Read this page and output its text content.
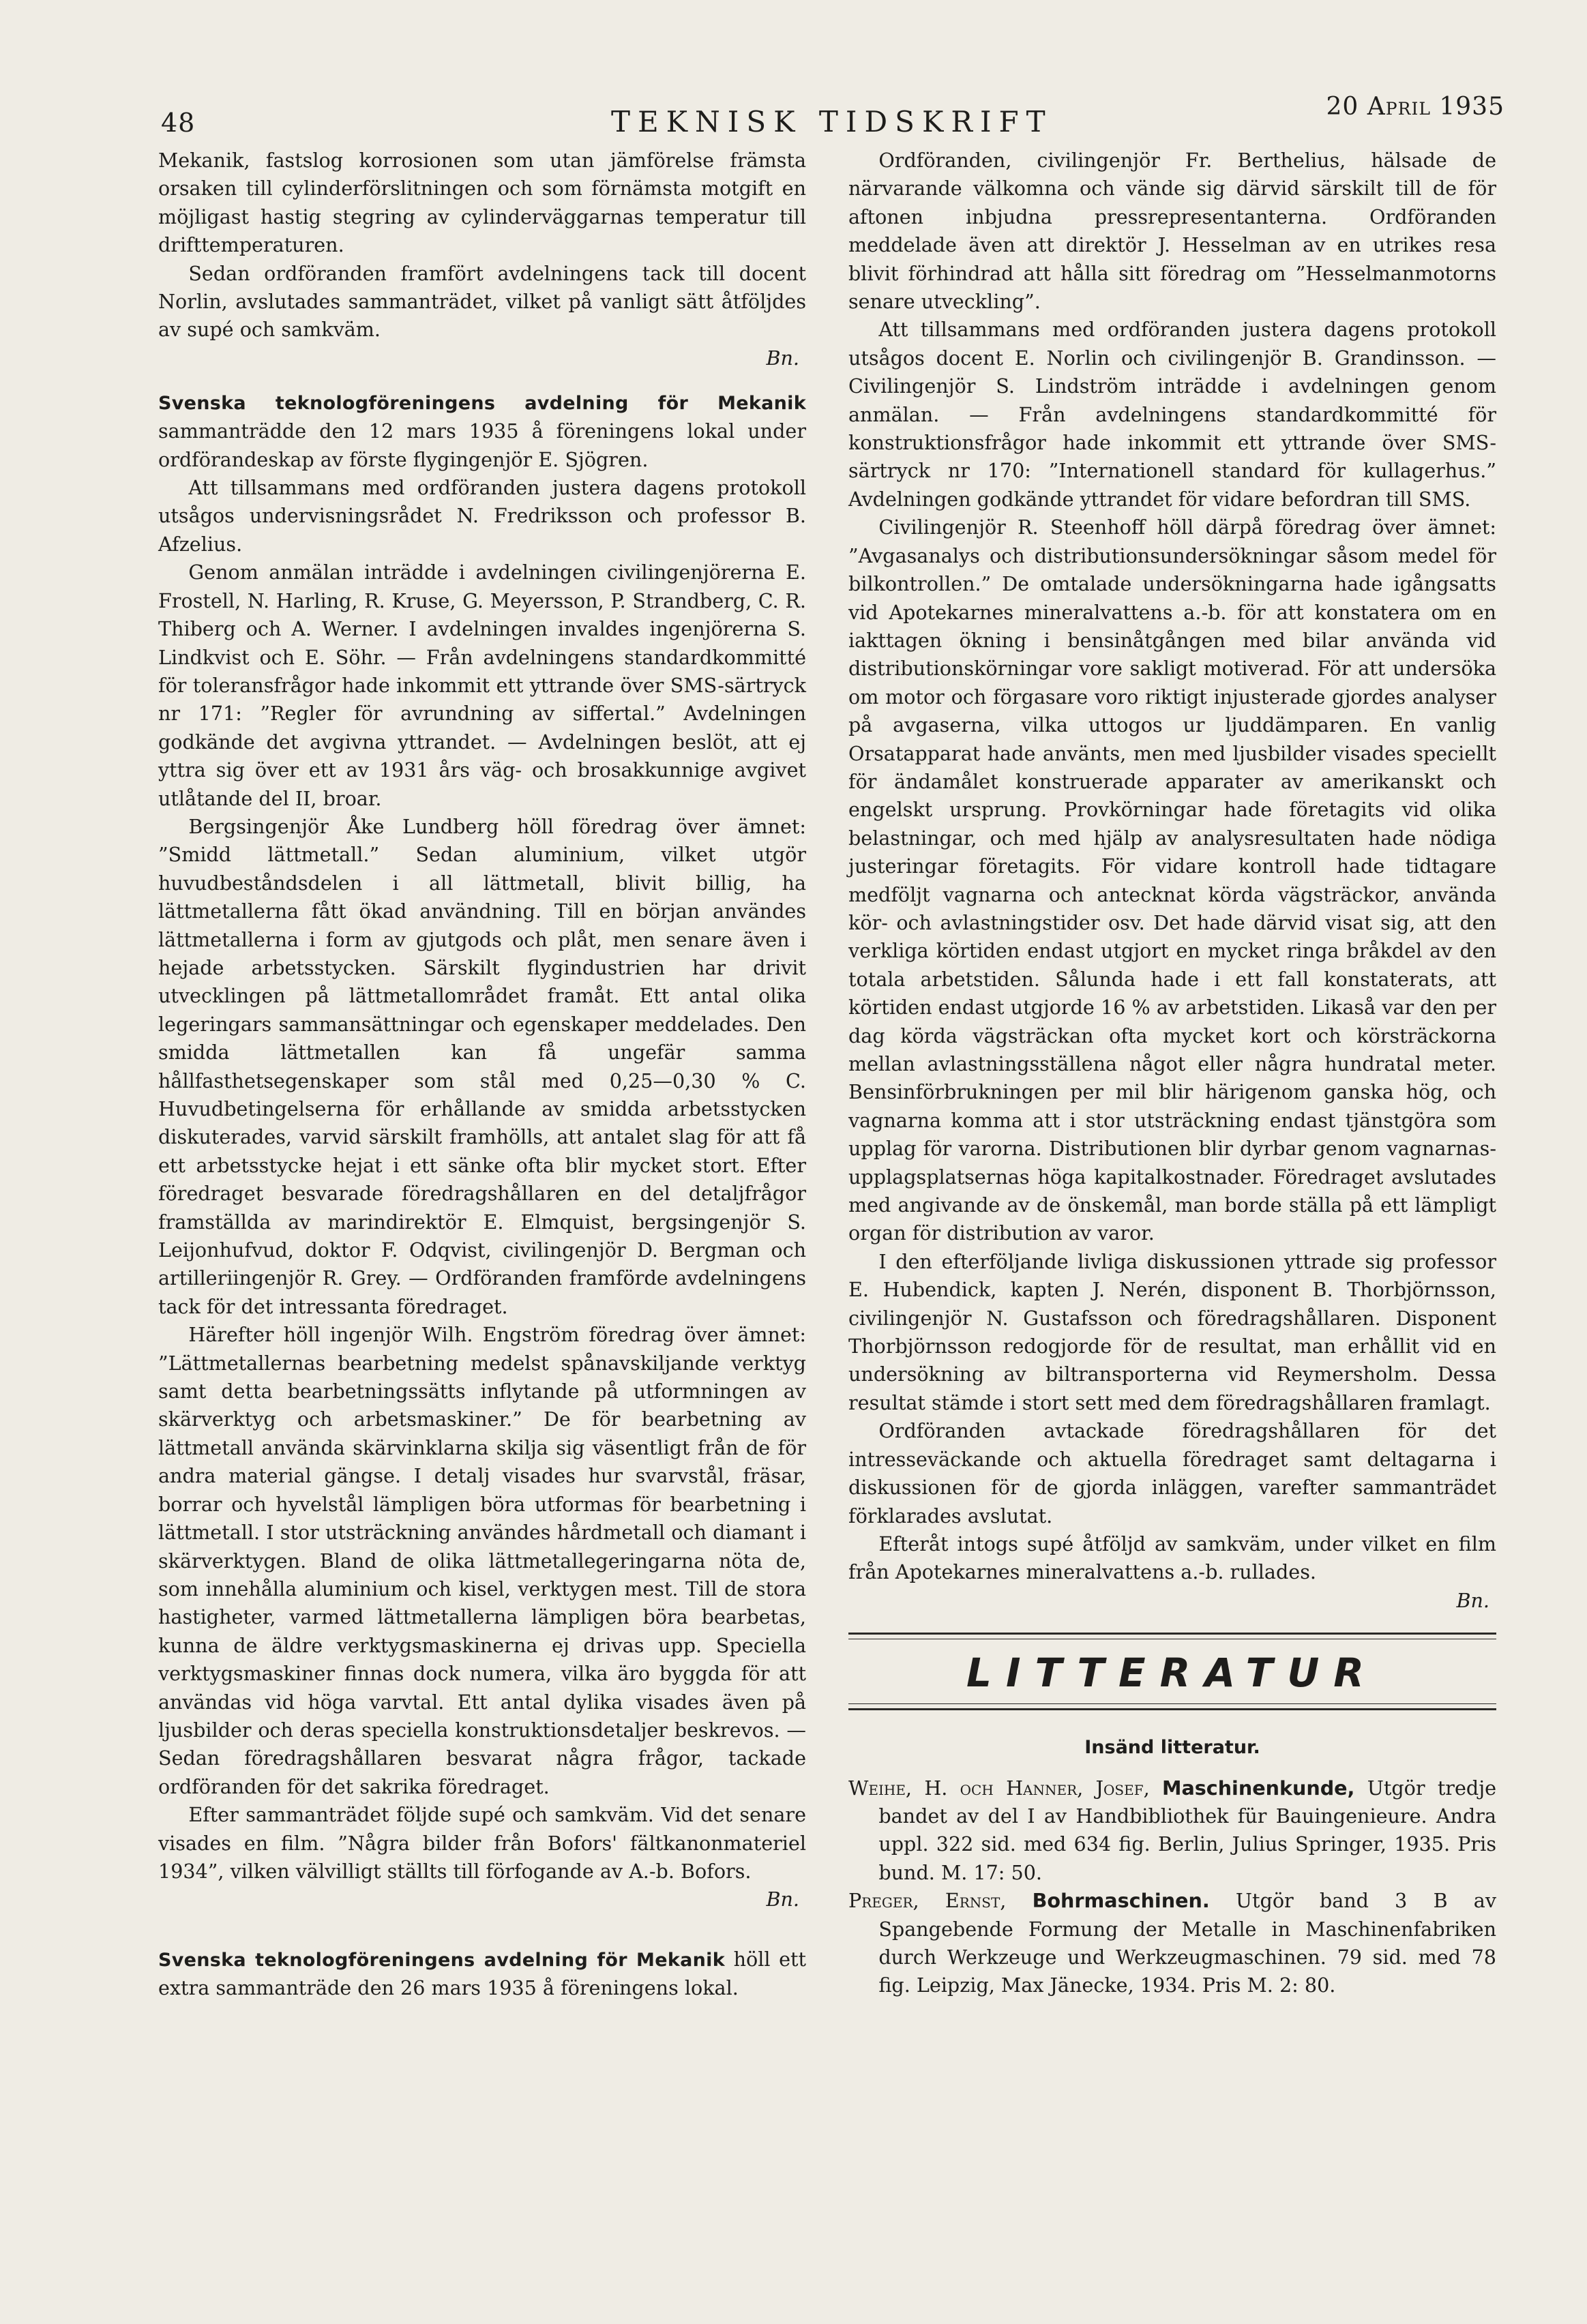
48	TEKNISK TIDSKRIFT	20 April 1935

Mekanik, fastslog korrosionen som utan jämförelse främsta orsaken till cylinderförslitningen och som förnämsta motgift en möjligast hastig stegring av cylinderväggarnas temperatur till drifttemperaturen.

Sedan ordföranden framfört avdelningens tack till docent Norlin, avslutades sammanträdet, vilket på vanligt sätt åtföljdes av supé och samkväm.

Bn.

Svenska teknologföreningens avdelning för Mekanik sammanträdde den 12 mars 1935 å föreningens lokal under ordförandeskap av förste flygingenjör E. Sjögren.

Att tillsammans med ordföranden justera dagens protokoll utsågos undervisningsrådet N. Fredriksson och professor B. Afzelius.

Genom anmälan inträdde i avdelningen civilingenjörerna E. Frostell, N. Harling, R. Kruse, G. Meyersson, P. Strandberg, C. R. Thiberg och A. Werner. I avdelningen invaldes ingenjörerna S. Lindkvist och E. Söhr. — Från avdelningens standardkommitté för toleransfrågor hade inkommit ett yttrande över SMS-särtryck nr 171: ”Regler för avrundning av siffertal.” Avdelningen godkände det avgivna yttrandet. — Avdelningen beslöt, att ej yttra sig över ett av 1931 års väg- och brosakkunnige avgivet utlåtande del II, broar.

Bergsingenjör Åke Lundberg höll föredrag över ämnet: ”Smidd lättmetall.” Sedan aluminium, vilket utgör huvudbeståndsdelen i all lättmetall, blivit billig, ha lättmetallerna fått ökad användning. Till en början användes lättmetallerna i form av gjutgods och plåt, men senare även i hejade arbetsstycken. Särskilt flygindustrien har drivit utvecklingen på lättmetallområdet framåt. Ett antal olika legeringars sammansättningar och egenskaper meddelades. Den smidda lättmetallen kan få ungefär samma hållfasthetsegenskaper som stål med 0,25—0,30 % C. Huvudbetingelserna för erhållande av smidda arbetsstycken diskuterades, varvid särskilt framhölls, att antalet slag för att få ett arbetsstycke hejat i ett sänke ofta blir mycket stort. Efter föredraget besvarade föredragshållaren en del detaljfrågor framställda av marindirektör E. Elmquist, bergsingenjör S. Leijonhufvud, doktor F. Odqvist, civilingenjör D. Bergman och artilleriingenjör R. Grey. — Ordföranden framförde avdelningens tack för det intressanta föredraget.

Härefter höll ingenjör Wilh. Engström föredrag över ämnet: ”Lättmetallernas bearbetning medelst spånavskiljande verktyg samt detta bearbetningssätts inflytande på utformningen av skärverktyg och arbetsmaskiner.” De för bearbetning av lättmetall använda skärvinklarna skilja sig väsentligt från de för andra material gängse. I detalj visades hur svarvstål, fräsar, borrar och hyvelstål lämpligen böra utformas för bearbetning i lättmetall. I stor utsträckning användes hårdmetall och diamant i skärverktygen. Bland de olika lättmetallegeringarna nöta de, som innehålla aluminium och kisel, verktygen mest. Till de stora hastigheter, varmed lättmetallerna lämpligen böra bearbetas, kunna de äldre verktygsmaskinerna ej drivas upp. Speciella verktygsmaskiner finnas dock numera, vilka äro byggda för att användas vid höga varvtal. Ett antal dylika visades även på ljusbilder och deras speciella konstruktionsdetaljer beskrevos. — Sedan föredragshållaren besvarat några frågor, tackade ordföranden för det sakrika föredraget.

Efter sammanträdet följde supé och samkväm. Vid det senare visades en film. ”Några bilder från Bofors' fältkanonmateriel 1934”, vilken välvilligt ställts till förfogande av A.-b. Bofors.

Bn.

Svenska teknologföreningens avdelning för Mekanik höll ett extra sammanträde den 26 mars 1935 å föreningens lokal.

Ordföranden, civilingenjör Fr. Berthelius, hälsade de närvarande välkomna och vände sig därvid särskilt till de för aftonen inbjudna pressrepresentanterna. Ordföranden meddelade även att direktör J. Hesselman av en utrikes resa blivit förhindrad att hålla sitt föredrag om ”Hesselmanmotorns senare utveckling”.

Att tillsammans med ordföranden justera dagens protokoll utsågos docent E. Norlin och civilingenjör B. Grandinsson. — Civilingenjör S. Lindström inträdde i avdelningen genom anmälan. — Från avdelningens standardkommitté för konstruktionsfrågor hade inkommit ett yttrande över SMS-särtryck nr 170: ”Internationell standard för kullagerhus.” Avdelningen godkände yttrandet för vidare befordran till SMS.

Civilingenjör R. Steenhoff höll därpå föredrag över ämnet: ”Avgasanalys och distributionsundersökningar såsom medel för bilkontrollen.” De omtalade undersökningarna hade igångsatts vid Apotekarnes mineralvattens a.-b. för att konstatera om en iakttagen ökning i bensinåtgången med bilar använda vid distributionskörningar vore sakligt motiverad. För att undersöka om motor och förgasare voro riktigt injusterade gjordes analyser på avgaserna, vilka uttogos ur ljuddämparen. En vanlig Orsatapparat hade använts, men med ljusbilder visades speciellt för ändamålet konstruerade apparater av amerikanskt och engelskt ursprung. Provkörningar hade företagits vid olika belastningar, och med hjälp av analysresultaten hade nödiga justeringar företagits. För vidare kontroll hade tidtagare medföljt vagnarna och antecknat körda vägsträckor, använda kör- och avlastningstider osv. Det hade därvid visat sig, att den verkliga körtiden endast utgjort en mycket ringa bråkdel av den totala arbetstiden. Sålunda hade i ett fall konstaterats, att körtiden endast utgjorde 16 % av arbetstiden. Likaså var den per dag körda vägsträckan ofta mycket kort och körsträckorna mellan avlastningsställena något eller några hundratal meter. Bensinförbrukningen per mil blir härigenom ganska hög, och vagnarna komma att i stor utsträckning endast tjänstgöra som upplag för varorna. Distributionen blir dyrbar genom vagnarnas-upplagsplatsernas höga kapitalkostnader. Föredraget avslutades med angivande av de önskemål, man borde ställa på ett lämpligt organ för distribution av varor.

I den efterföljande livliga diskussionen yttrade sig professor E. Hubendick, kapten J. Nerén, disponent B. Thorbjörnsson, civilingenjör N. Gustafsson och föredragshållaren. Disponent Thorbjörnsson redogjorde för de resultat, man erhållit vid en undersökning av biltransporterna vid Reymersholm. Dessa resultat stämde i stort sett med dem föredragshållaren framlagt.

Ordföranden avtackade föredragshållaren för det intresseväckande och aktuella föredraget samt deltagarna i diskussionen för de gjorda inläggen, varefter sammanträdet förklarades avslutat.

Efteråt intogs supé åtföljd av samkväm, under vilket en film från Apotekarnes mineralvattens a.-b. rullades.

Bn.

LITTERATUR
Insänd litteratur.

Weihe, H. och Hanner, Josef, Maschinenkunde, Utgör tredje bandet av del I av Handbibliothek für Bauingenieure. Andra uppl. 322 sid. med 634 fig. Berlin, Julius Springer, 1935. Pris bund. M. 17: 50.

Preger, Ernst, Bohrmaschinen. Utgör band 3 B av Spangebende Formung der Metalle in Maschinenfabriken durch Werkzeuge und Werkzeugmaschinen. 79 sid. med 78 fig. Leipzig, Max Jänecke, 1934. Pris M. 2: 80.
